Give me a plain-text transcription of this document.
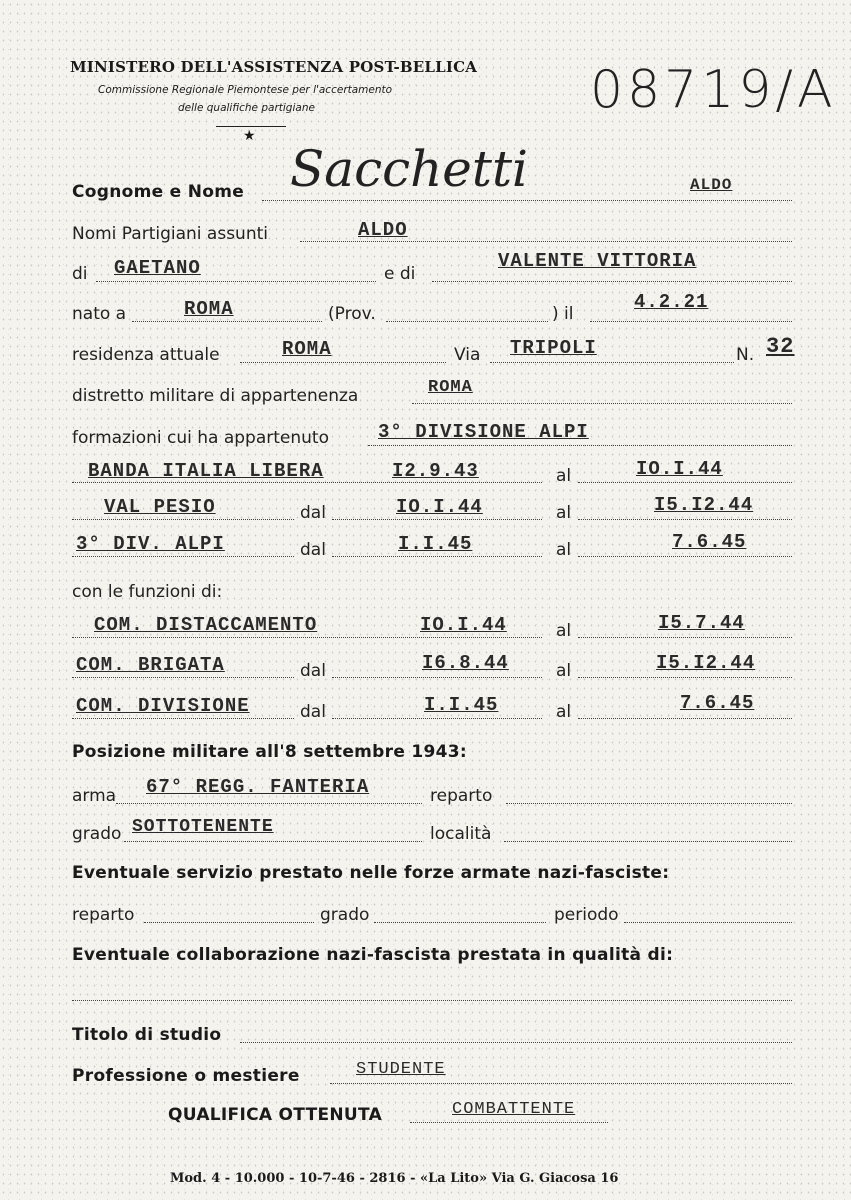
MINISTERO DELL'ASSISTENZA POST-BELLICA
Commissione Regionale Piemontese per l'accertamento
delle qualifiche partigiane
★
08719/A
Cognome e Nome Sacchetti	ALDO
Nomi Partigiani assunti	ALDO
di GAETANO	e di
VALENTE VITTORIA
nato a	ROMA	(Prov.	) il
4.2.21
residenza attuale	ROMA	Via TRIPOLI	N. 32
distretto militare di appartenenza	ROMA
formazioni cui ha appartenuto	3° DIVISIONE ALPI
BANDA ITALIA LIBERA	I2.9.43	al	IO.I.44
VAL PESIO	dal	IO.I.44	al	I5.I2.44
3° DIV. ALPI	dal	I.I.45	al	7.6.45
con le funzioni di:
COM. DISTACCAMENTO	IO.I.44	al	I5.7.44
COM. BRIGATA	dal	I6.8.44	al	I5.I2.44
COM. DIVISIONE	dal	I.I.45	al	7.6.45
Posizione militare all'8 settembre 1943:
arma 67° REGG. FANTERIA	reparto
grado SOTTOTENENTE	località
Eventuale servizio prestato nelle forze armate nazi-fasciste:
reparto	grado	periodo
Eventuale collaborazione nazi-fascista prestata in qualità di:
Titolo di studio
Professione o mestiere	STUDENTE
QUALIFICA OTTENUTA	COMBATTENTE
Mod. 4 - 10.000 - 10-7-46 - 2816 - «La Lito» Via G. Giacosa 16
